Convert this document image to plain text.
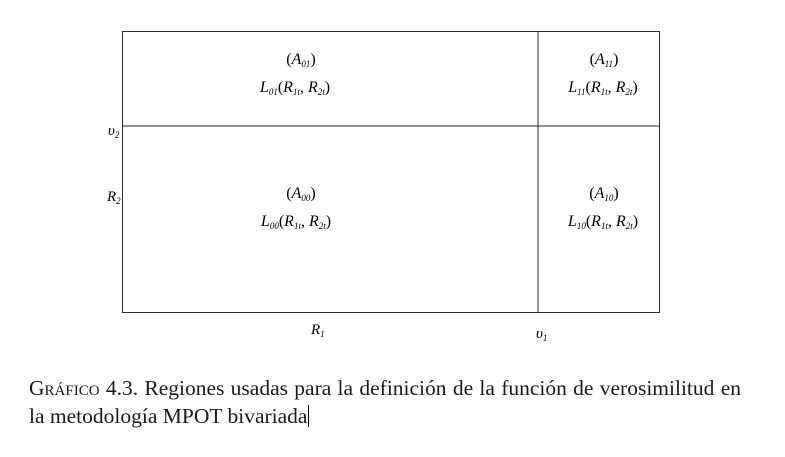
$\upsilon_2$
$R_2$
$R_1$	$\upsilon_1$
(A01)
L01(R1t, R2t)
(A11)
L11(R1t, R2t)
(A00)
L00(R1t, R2t)
(A10)
L10(R1t, R2t)
Gráfico 4.3. Regiones usadas para la definición de la función de verosimilitud en la metodología MPOT bivariada
